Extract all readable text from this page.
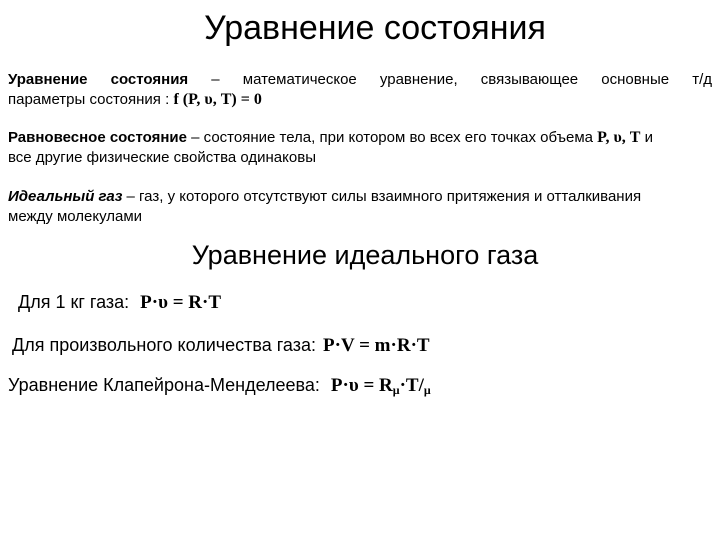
Уравнение состояния
Уравнение состояния – математическое уравнение, связывающее основные т/д
параметры состояния : f (P, υ, T) = 0
Равновесное состояние – состояние тела, при котором во всех его точках объема P, υ, T и
все другие физические свойства одинаковы
Идеальный газ – газ, у которого отсутствуют силы взаимного притяжения и отталкивания
между молекулами
Уравнение идеального газа
Для 1 кг газа: P·υ = R·T
Для произвольного количества газа: P·V = m·R·T
Уравнение Клапейрона-Менделеева: $P\cdot\upsilon = R_\mu\cdot T/_\mu$
